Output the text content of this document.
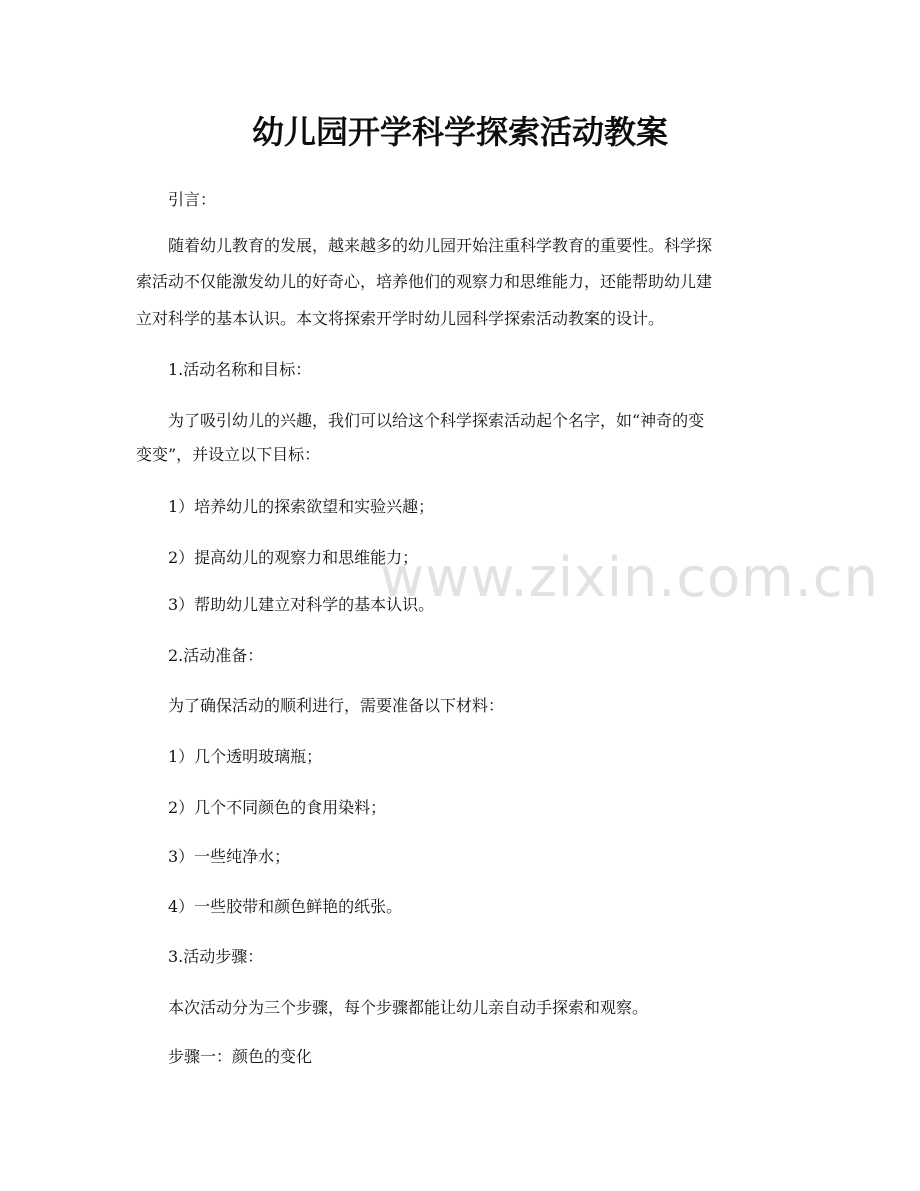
www.zixin.com.cn
幼儿园开学科学探索活动教案

引言：

随着幼儿教育的发展，越来越多的幼儿园开始注重科学教育的重要性。科学探

索活动不仅能激发幼儿的好奇心，培养他们的观察力和思维能力，还能帮助幼儿建

立对科学的基本认识。本文将探索开学时幼儿园科学探索活动教案的设计。

1.活动名称和目标：

为了吸引幼儿的兴趣，我们可以给这个科学探索活动起个名字，如“神奇的变

变变”，并设立以下目标：

1）培养幼儿的探索欲望和实验兴趣；

2）提高幼儿的观察力和思维能力；

3）帮助幼儿建立对科学的基本认识。

2.活动准备：

为了确保活动的顺利进行，需要准备以下材料：

1）几个透明玻璃瓶；

2）几个不同颜色的食用染料；

3）一些纯净水；

4）一些胶带和颜色鲜艳的纸张。

3.活动步骤：

本次活动分为三个步骤，每个步骤都能让幼儿亲自动手探索和观察。

步骤一：颜色的变化
